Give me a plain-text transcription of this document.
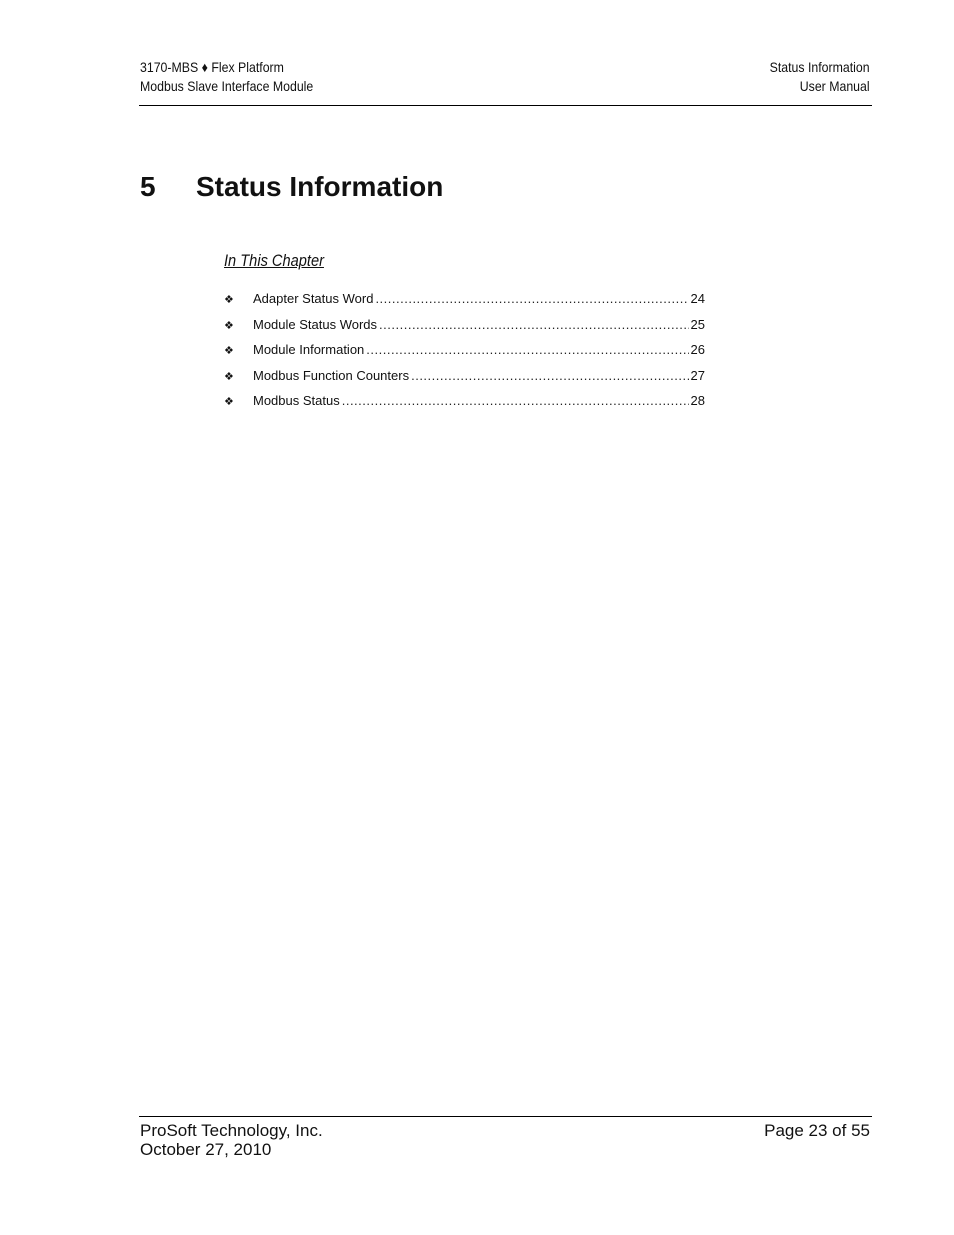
3170-MBS ♦ Flex Platform
Modbus Slave Interface Module
Status Information
User Manual
5 Status Information
In This Chapter
❖	Adapter Status Word .....	24
❖	Module Status Words .....	25
❖	Module Information .....	26
❖	Modbus Function Counters .....	27
❖	Modbus Status .....	28
ProSoft Technology, Inc.
October 27, 2010
Page 23 of 55
